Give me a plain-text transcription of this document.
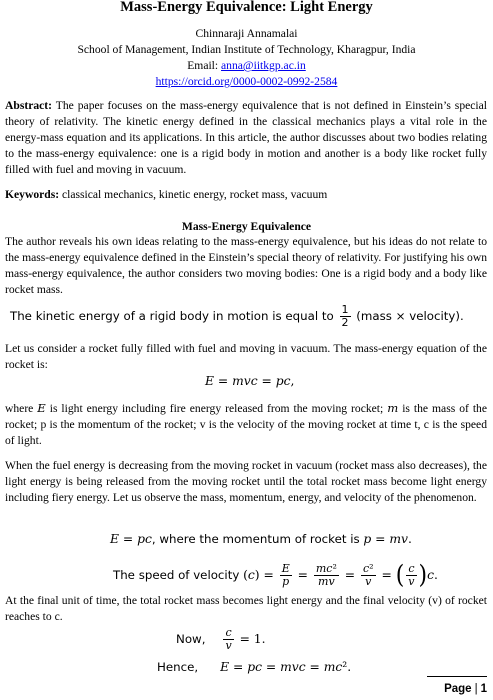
Mass-Energy Equivalence: Light Energy
Chinnaraji Annamalai
School of Management, Indian Institute of Technology, Kharagpur, India
Email: anna@iitkgp.ac.in
https://orcid.org/0000-0002-0992-2584
Abstract: The paper focuses on the mass-energy equivalence that is not defined in Einstein’s special theory of relativity. The kinetic energy defined in the classical mechanics plays a vital role in the energy-mass equation and its applications. In this article, the author discusses about two bodies relating to the mass-energy equivalence: one is a rigid body in motion and another is a body like rocket fully filled with fuel and moving in vacuum.
Keywords: classical mechanics, kinetic energy, rocket mass, vacuum
Mass-Energy Equivalence
The author reveals his own ideas relating to the mass-energy equivalence, but his ideas do not relate to the mass-energy equivalence defined in the Einstein’s special theory of relativity. For justifying his own mass-energy equivalence, the author considers two moving bodies: One is a rigid body and a body like rocket mass.
The kinetic energy of a rigid body in motion is equal to $\frac{1}{2}$ (mass × velocity).
Let us consider a rocket fully filled with fuel and moving in vacuum. The mass-energy equation of the rocket is:
E = mvc = pc,
where E is light energy including fire energy released from the moving rocket; m is the mass of the rocket; p is the momentum of the rocket; v is the velocity of the moving rocket at time t, c is the speed of light.
When the fuel energy is decreasing from the moving rocket in vacuum (rocket mass also decreases), the light energy is being released from the moving rocket until the total rocket mass become light energy including fiery energy. Let us observe the mass, momentum, energy, and velocity of the phenomenon.
E = pc, where the momentum of rocket is p = mv.
The speed of velocity $(c) = \frac{E}{p} = \frac{\text{mc²}}{mv} = \frac{\text{c²}}{v}$ = ( $\frac{c}{v} )c$.
At the final unit of time, the total rocket mass becomes light energy and the final velocity (v) of rocket reaches to c.
Now, $\frac{c}{v} = 1$.
Hence, E = pc = mvc = mc².
Page | 1
